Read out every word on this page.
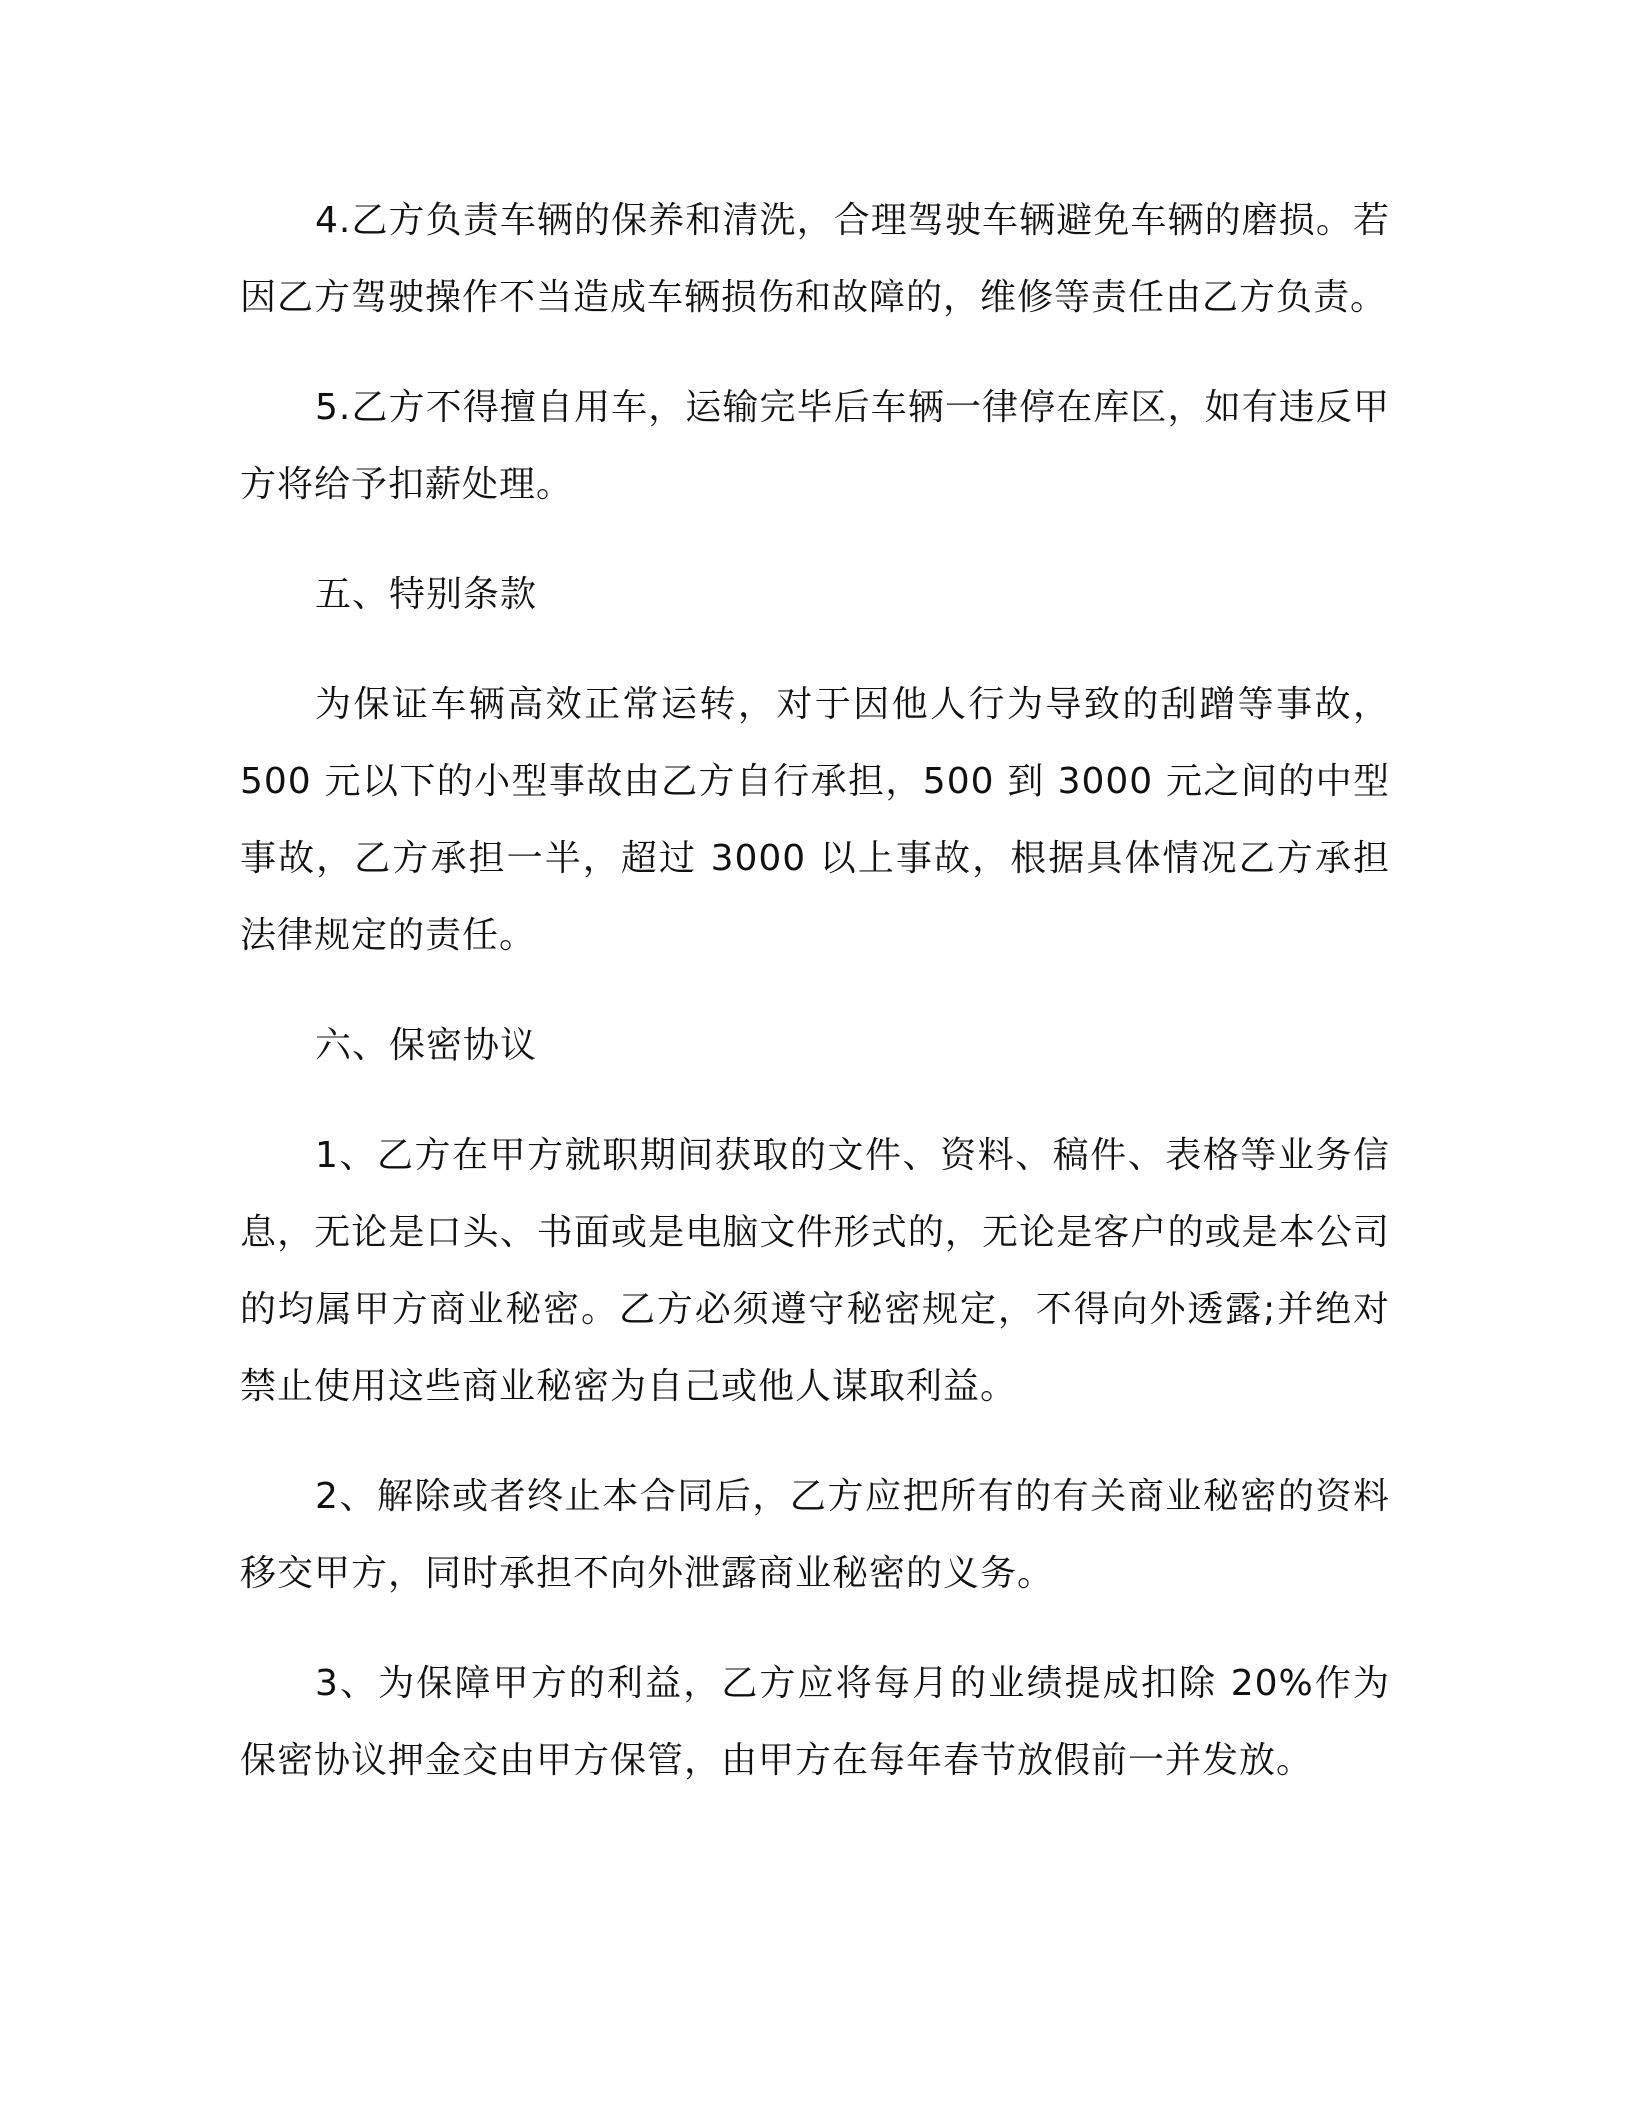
4.乙方负责车辆的保养和清洗，合理驾驶车辆避免车辆的磨损。若因乙方驾驶操作不当造成车辆损伤和故障的，维修等责任由乙方负责。

5.乙方不得擅自用车，运输完毕后车辆一律停在库区，如有违反甲方将给予扣薪处理。

五、特别条款

为保证车辆高效正常运转，对于因他人行为导致的刮蹭等事故，500 元以下的小型事故由乙方自行承担，500 到 3000 元之间的中型事故，乙方承担一半，超过 3000 以上事故，根据具体情况乙方承担法律规定的责任。

六、保密协议

1、乙方在甲方就职期间获取的文件、资料、稿件、表格等业务信息，无论是口头、书面或是电脑文件形式的，无论是客户的或是本公司的均属甲方商业秘密。乙方必须遵守秘密规定，不得向外透露;并绝对禁止使用这些商业秘密为自己或他人谋取利益。

2、解除或者终止本合同后，乙方应把所有的有关商业秘密的资料移交甲方，同时承担不向外泄露商业秘密的义务。

3、为保障甲方的利益，乙方应将每月的业绩提成扣除 20%作为保密协议押金交由甲方保管，由甲方在每年春节放假前一并发放。
